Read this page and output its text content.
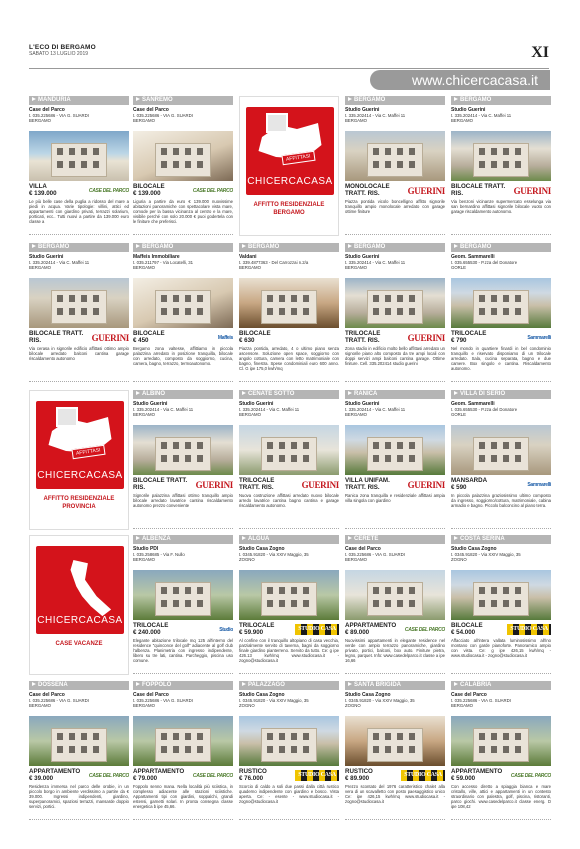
L'ECO DI BERGAMO
SABATO 13 LUGLIO 2019	XI
www.chicercacasa.it
MANDURIA
Case del Parco
t. 035.225686 - VIA G. SUARDI
BERGAMO
VILLA
€ 139.000	CASE DEL PARCO
Le più belle case della puglia a ridosso del mare a piedi in acqua. Varie tipologie: villini, attici ed appartamenti con giardino privati, terrazzi solarium, porticati, ecc.. Tutti nuovi a partire da 139.000 euro classe a
SANREMO
Case del Parco
t. 035.225686 - VIA G. SUARDI
BERGAMO
BILOCALE
€ 139.000	CASE DEL PARCO
Liguria a partire da euro € 139.000 nuovissime abitazioni panoramiche con spettacolare vista mare, comode per la bassa vicinanza al centro e la mare, visibile perché con solo 20.000 € puoi godertela con le finiture che preferisci.
BERGAMO
Studio Guerini
t. 335.202414 - Via C. Maffei 11
BERGAMO
MONOLOCALE TRATT. RIS.	GUERINI
Piazza pontida vicolo boncelligno affitto signorile tranquillo ampio monolocale arredato con garage ottime finiture
BERGAMO
Studio Guerini
t. 335.202414 - Via C. Maffei 11
BERGAMO
BILOCALE TRATT. RIS.	GUERINI
Via benzoni vicinanze supermercato esselunga via san bernardino affittasi signorile bilocale vuoto con garage riscaldamento autonomo.
BERGAMO
Studio Guerini
t. 335.202414 - Via C. Maffei 11
BERGAMO
BILOCALE TRATT. RIS.	GUERINI
Via cerasa in signorile edificio affittasi ottimo ampio bilocale arredato balconi cantina garage riscaldamento autonomo
BERGAMO
Maffeis Immobiliare
t. 035.211797 - Via Locatelli, 31
BERGAMO
BILOCALE
€ 450	Maffeis
Bergamo zona valtesse, affittiamo in piccola palazzina arredato in posizione tranquilla, bilocale con arredato, composto da soggiorno, cucina, camera, bagno, terrazzo, termoautonomo.
BERGAMO
Valdani
t. 339.4877363 - Del Carrozzai n.2/a
BERGAMO
BILOCALE
€ 630
Piazza pontida, arredato, 4 o ultimo piano senza ascensore. Soluzione open space, soggiorno con angolo cottura, camera con letto matrimoniale con bagno, finestra. Spese condominiali euro 600 anno. Cl. G ipe 175,0 kwh/mq
BERGAMO
Studio Guerini
t. 335.202414 - Via C. Maffei 11
BERGAMO
TRILOCALE TRATT. RIS.	GUERINI
Zona stadio in edificio molto bello affittasi arredato un signorile piano alto composto da tre ampi locali con doppi servizi ampi balconi cantina garage. Ottime finiture. Cell. 335.202414 studio guerini
BERGAMO
Geom. Sammarelli
t. 035.655530 - P.zza del Donatore
GORLE
TRILOCALE
€ 790	Sammarelli
Nel mondo in quartiere finardi in bel condominio tranquillo e riservato disponiamo di un trilocale arredato. Sala, cucina separata, bagno e due camere. Box singolo e cantina. Riscaldamento autonomo.
ALBINO
Studio Guerini
t. 335.202414 - Via C. Maffei 11
BERGAMO
BILOCALE TRATT. RIS.	GUERINI
Signorile palazzina affittasi ottimo tranquillo ampio bilocale arredato lavatrice cantina riscaldamento autonomo prezzo conveniente
CENATE SOTTO
Studio Guerini
t. 335.202414 - Via C. Maffei 11
BERGAMO
TRILOCALE TRATT. RIS.	GUERINI
Nuova costruzione affittasi arredato nuovo bilocale arredo lavatrice cantina bagno cantina e garage riscaldamento autonomo.
RANICA
Studio Guerini
t. 335.202414 - Via C. Maffei 11
BERGAMO
VILLA UNIFAM. TRATT. RIS.	GUERINI
Ranica zona tranquilla e residenziale affittasi ampia villa singola con giardino
VILLA DI SERIO
Geom. Sammarelli
t. 035.655530 - P.zza del Donatore
GORLE
MANSARDA
€ 590	Sammarelli
In piccola palazzina graziosissimo ultimo composto da ingresso, soggiorno/cottura, matrimoniale, cabina armadio e bagno. Piccolo balconcino al piano terra.
ALBENZA
Studio PDI
t. 035.258685 - Via F. Nullo
BERGAMO
TRILOCALE
€ 240.000	Studio
Elegante abitazione trilocale mq 125 all'interno del residence "quinconce del golf" adiacente al golf club l'albenza. Planimetria con ingresso indipendente, libero su tre lati, cantina. Parcheggio, piscina uso comune.
ALGUA
Studio Casa Zogno
t. 0345.91820 - Via XXIV Maggio, 35
ZOGNO
TRILOCALE
€ 59.900	STUDIO CASA
Al confine con il tranquillo altopiano di casa vecchia, parzialmente servito di taverna, bagni da soggiorno finale giardino pianterreno. Servito da tutto. Ce: g ipe 426.13 kwh/mq www.studiocasa.it - zogno@studiocasa.it
CERETE
Case del Parco
t. 035.225686 - VIA G. SUARDI
BERGAMO
APPARTAMENTO
€ 89.000	CASE DEL PARCO
Nuovissimi appartamenti in elegante residence nel verde con ampio terrazzo panoramiche, giardino privato, portici, balconi, box auto. Finiture pietra, legno, parquet. Info: www.casedelparco.it classe a ipe 16,66
COSTA SERINA
Studio Casa Zogno
t. 0345.91820 - Via XXIV Maggio, 35
ZOGNO
BILOCALE
€ 54.000	STUDIO CASA
Affacciato all'intera vallata luminosissimo all'ino montano con garde pianoforte. Panoramico ampio con vista. Ce: g ipe 426,15 kwh/mq - www.studiocasa.it - zogno@studiocasa.it
DOSSENA
Case del Parco
t. 035.225686 - VIA G. SUARDI
BERGAMO
APPARTAMENTO
€ 39.000	CASE DEL PARCO
Residenza immersa nel parco delle orobie, in un piccolo borgo in ambiente verdissimo a partire da € 39.000. Ingressi indipendenti, giardino, superpanoramici, spaziosi terrazzi, mansarde doppio servizi, portici.
FOPPOLO
Case del Parco
t. 035.225686 - VIA G. SUARDI
BERGAMO
APPARTAMENTO
€ 79.000	CASE DEL PARCO
Foppolo senno mana. Nella località più sciistica, in complesso adiacente alle stazioni sciistiche. Appartamenti tipi con giardini, soppalchi, grandi estensi, garnetti solari. In pronta consegna classe energetica b ipe 45,66.
PALAZZAGO
Studio Casa Zogno
t. 0345.91820 - Via XXIV Maggio, 35
ZOGNO
RUSTICO
€ 76.000	STUDIO CASA
Scorcio di caldo a soli due passi dalla città rustico quaderno indipendente con giardino e bosco. Vista aperta. Ce: - esente - www.studiocasa.it - zogno@studiocasa.it
SANTA BRIGIDA
Studio Casa Zogno
t. 0345.91820 - Via XXIV Maggio, 35
ZOGNO
RUSTICO
€ 89.900	STUDIO CASA
Prezzo scontato del 1976 caratteristico chalet alla vera di un scavalletto con posto paesaggistico unico Ce: ipe 426,15 kwh/mq www.studiocasa.it - zogno@studiocasa.it
CALABRIA
Case del Parco
t. 035.225686 - VIA G. SUARDI
BERGAMO
APPARTAMENTO
€ 59.000	CASE DEL PARCO
Con accesso diretto a spiaggia bianca e mare cristallo, ville, attici e appartamenti in un contesto straordinario con palestra, golf, piscina, ristoranti, parco giochi. www.casedelparco.it classe energ. D ipe 108,42
AFFITTASI
CHICERCACASA
AFFITTO RESIDENZIALE BERGAMO
AFFITTASI
CHICERCACASA
AFFITTO RESIDENZIALE PROVINCIA
CHICERCACASA
CASE VACANZE
